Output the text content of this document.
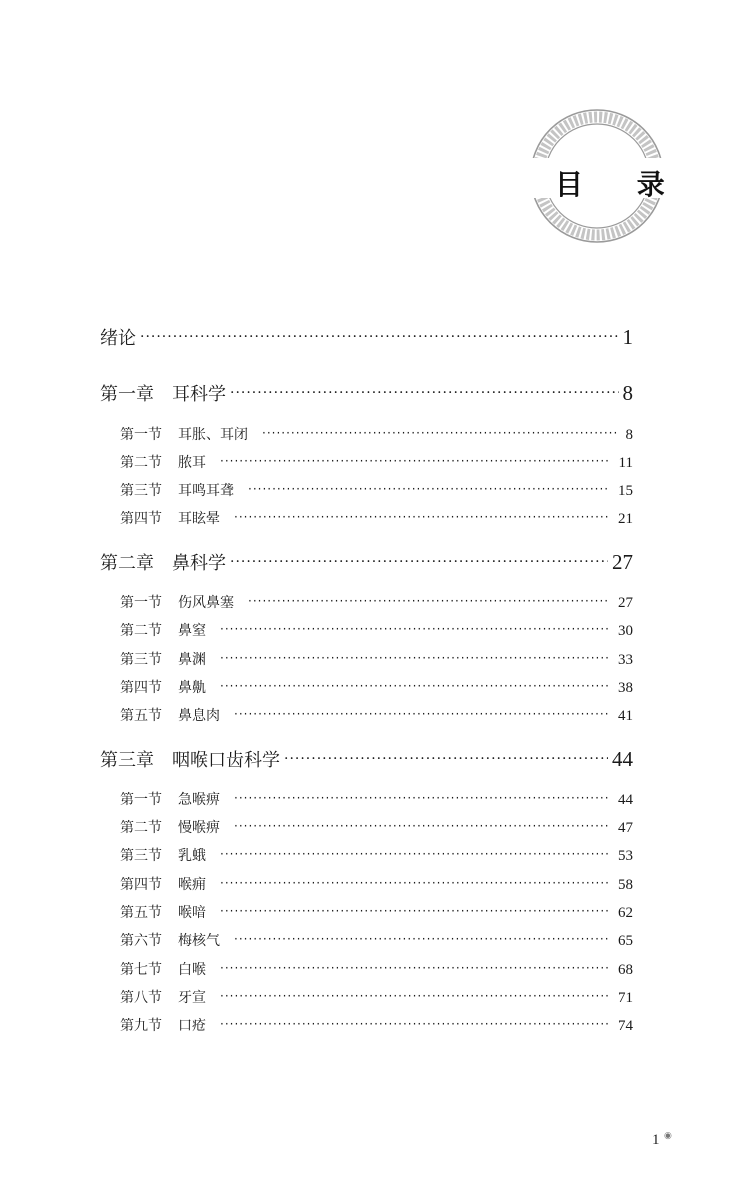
目 录
绪论 ·····	1
第一章 耳科学 ·····	8
第一节 耳胀、耳闭 ·····	8
第二节 脓耳 ·····	11
第三节 耳鸣耳聋 ·····	15
第四节 耳眩晕 ·····	21
第二章 鼻科学 ·····	27
第一节 伤风鼻塞 ·····	27
第二节 鼻窒 ·····	30
第三节 鼻渊 ·····	33
第四节 鼻鼽 ·····	38
第五节 鼻息肉 ·····	41
第三章 咽喉口齿科学 ·····	44
第一节 急喉痹 ·····	44
第二节 慢喉痹 ·····	47
第三节 乳蛾 ·····	53
第四节 喉痈 ·····	58
第五节 喉喑 ·····	62
第六节 梅核气 ·····	65
第七节 白喉 ·····	68
第八节 牙宣 ·····	71
第九节 口疮 ·····	74
1 ◉
